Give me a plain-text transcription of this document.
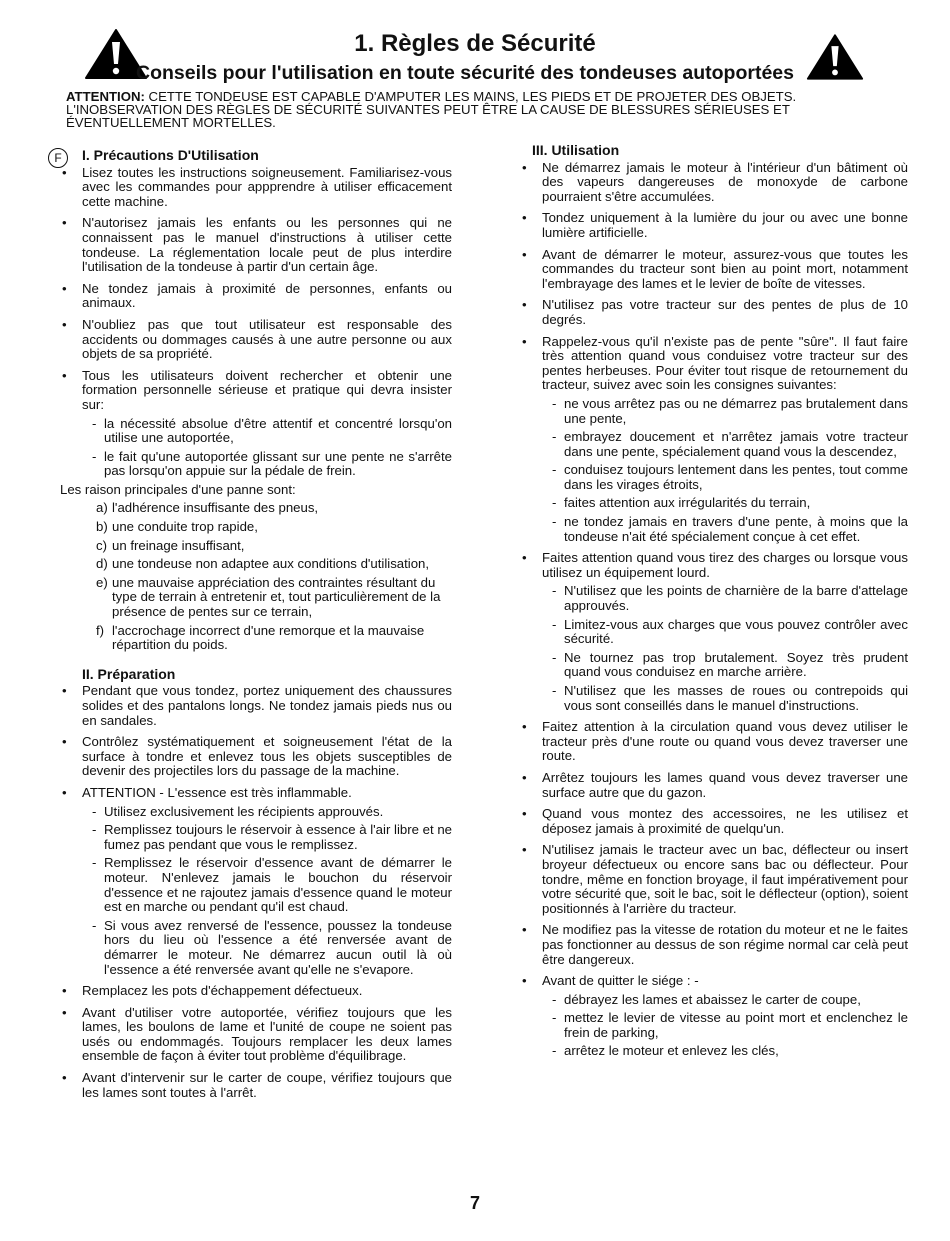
1. Règles de Sécurité
Conseils pour l'utilisation en toute sécurité des tondeuses autoportées
ATTENTION: CETTE TONDEUSE EST CAPABLE D'AMPUTER LES MAINS, LES PIEDS ET DE PROJETER DES OBJETS. L'INOBSERVATION DES RÈGLES DE SÉCURITÉ SUIVANTES PEUT ÊTRE LA CAUSE DE BLESSURES SÉRIEUSES ET ÉVENTUELLEMENT MORTELLES.
F	I. Précautions D'Utilisation
• Lisez toutes les instructions soigneusement. Familiarisez-vous avec les commandes pour appprendre à utiliser efficacement cette machine.
• N'autorisez jamais les enfants ou les personnes qui ne connaissent pas le manuel d'instructions à utiliser cette tondeuse. La réglementation locale peut de plus interdire l'utilisation de la tondeuse à partir d'un certain âge.
• Ne tondez jamais à proximité de personnes, enfants ou animaux.
• N'oubliez pas que tout utilisateur est responsable des accidents ou dommages causés à une autre personne ou aux objets de sa propriété.
• Tous les utilisateurs doivent rechercher et obtenir une formation personnelle sérieuse et pratique qui devra insister sur:
- la nécessité absolue d'être attentif et concentré lorsqu'on utilise une autoportée,
- le fait qu'une autoportée glissant sur une pente ne s'arrête pas lorsqu'on appuie sur la pédale de frein.
Les raison principales d'une panne sont:
a) l'adhérence insuffisante des pneus,
b) une conduite trop rapide,
c) un freinage insuffisant,
d) une tondeuse non adaptee aux conditions d'utilisation,
e) une mauvaise appréciation des contraintes résultant du type de terrain à entretenir et, tout particulièrement de la présence de pentes sur ce terrain,
f) l'accrochage incorrect d'une remorque et la mauvaise répartition du poids.
II. Préparation
• Pendant que vous tondez, portez uniquement des chaussures solides et des pantalons longs. Ne tondez jamais pieds nus ou en sandales.
• Contrôlez systématiquement et soigneusement l'état de la surface à tondre et enlevez tous les objets susceptibles de devenir des projectiles lors du passage de la machine.
• ATTENTION - L'essence est très inflammable.
- Utilisez exclusivement les récipients approuvés.
- Remplissez toujours le réservoir à essence à l'air libre et ne fumez pas pendant que vous le remplissez.
- Remplissez le réservoir d'essence avant de démarrer le moteur. N'enlevez jamais le bouchon du réservoir d'essence et ne rajoutez jamais d'essence quand le moteur est en marche ou pendant qu'il est chaud.
- Si vous avez renversé de l'essence, poussez la tondeuse hors du lieu où l'essence a été renversée avant de démarrer le moteur. Ne démarrez aucun outil là où l'essence a été renversée avant qu'elle ne s'evapore.
• Remplacez les pots d'échappement défectueux.
• Avant d'utiliser votre autoportée, vérifiez toujours que les lames, les boulons de lame et l'unité de coupe ne soient pas usés ou endommagés. Toujours remplacer les deux lames ensemble de façon à éviter tout problème d'équilibrage.
• Avant d'intervenir sur le carter de coupe, vérifiez toujours que les lames sont toutes à l'arrêt.
III. Utilisation
• Ne démarrez jamais le moteur à l'intérieur d'un bâtiment où des vapeurs dangereuses de monoxyde de carbone pourraient s'être accumulées.
• Tondez uniquement à la lumière du jour ou avec une bonne lumière artificielle.
• Avant de démarrer le moteur, assurez-vous que toutes les commandes du tracteur sont bien au point mort, notamment l'embrayage des lames et le levier de boîte de vitesses.
• N'utilisez pas votre tracteur sur des pentes de plus de 10 degrés.
• Rappelez-vous qu'il n'existe pas de pente "sûre". Il faut faire très attention quand vous conduisez votre tracteur sur des pentes herbeuses. Pour éviter tout risque de retournement du tracteur, suivez avec soin les consignes suivantes:
- ne vous arrêtez pas ou ne démarrez pas brutalement dans une pente,
- embrayez doucement et n'arrêtez jamais votre tracteur dans une pente, spécialement quand vous la descendez,
- conduisez toujours lentement dans les pentes, tout comme dans les virages étroits,
- faites attention aux irrégularités du terrain,
- ne tondez jamais en travers d'une pente, à moins que la tondeuse n'ait été spécialement conçue à cet effet.
• Faites attention quand vous tirez des charges ou lorsque vous utilisez un équipement lourd.
- N'utilisez que les points de charnière de la barre d'attelage approuvés.
- Limitez-vous aux charges que vous pouvez contrôler avec sécurité.
- Ne tournez pas trop brutalement. Soyez très prudent quand vous conduisez en marche arrière.
- N'utilisez que les masses de roues ou contrepoids qui vous sont conseillés dans le manuel d'instructions.
• Faitez attention à la circulation quand vous devez utiliser le tracteur près d'une route ou quand vous devez traverser une route.
• Arrêtez toujours les lames quand vous devez traverser une surface autre que du gazon.
• Quand vous montez des accessoires, ne les utilisez et déposez jamais à proximité de quelqu'un.
• N'utilisez jamais le tracteur avec un bac, déflecteur ou insert broyeur défectueux ou encore sans bac ou déflecteur. Pour tondre, même en fonction broyage, il faut impérativement pour votre sécurité que, soit le bac, soit le déflecteur (option), soient positionnés à l'arrière du tracteur.
• Ne modifiez pas la vitesse de rotation du moteur et ne le faites pas fonctionner au dessus de son régime normal car celà peut être dangereux.
• Avant de quitter le siége : -
- débrayez les lames et abaissez le carter de coupe,
- mettez le levier de vitesse au point mort et enclenchez le frein de parking,
- arrêtez le moteur et enlevez les clés,
7
